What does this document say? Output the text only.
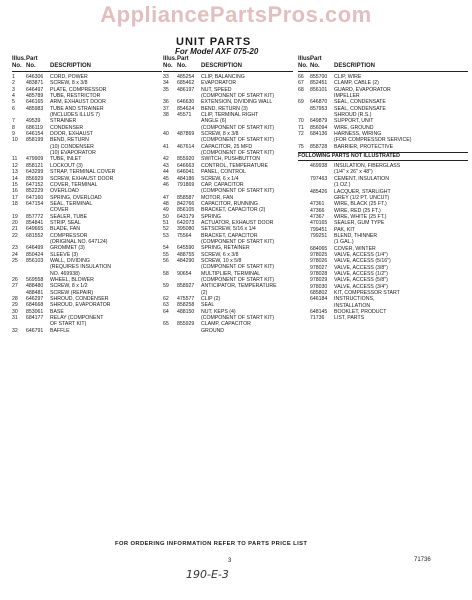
AppliancePartsPros.com
UNIT PARTS
For Model AXF 075-20
Illus. Part
No. No.	DESCRIPTION
1	646306	CORD, POWER
2	483871	SCREW, 8 x 3/8
3	646497	PLATE, COMPRESSOR
4	485789	TUBE, RESTRICTOR
5	646165	ARM, EXHAUST DOOR
6	485983	TUBE AND STRAINER
(INCLUDES ILLUS 7)
7	49539	STRAINER
8	686119	CONDENSER
9	646154	DOOR, EXHAUST
10	858199	BEND, RETURN
(10) CONDENSER
(10) EVAPORATOR
11	479909	TUBE, INLET
12	858121	LOCKOUT (3)
13	643299	STRAP, TERMINAL COVER
14	856929	SCREW, EXHAUST DOOR
15	647152	COVER, TERMINAL
16	852229	OVERLOAD
17	647160	SPRING, OVERLOAD
18	647154	SEAL, TERMINAL
COVER
19	857772	SEALER, TUBE
20	854841	STRIP, SEAL
21	649665	BLADE, FAN
22	681552	COMPRESSOR
(ORIGINAL NO. 647124)
23	646499	GROMMET (3)
24	850424	SLEEVE (3)
25	856103	WALL, DIVIDING
(REQUIRES INSULATION
NO. 469938)
26	569558	WHEEL, BLOWER
27	488480	SCREW, 8 x 1/2
488481	SCREW (REPAIR)
28	646297	SHROUD, CONDENSER
29	684668	SHROUD, EVAPORATOR
30	853061	BASE
31	684177	RELAY (COMPONENT
OF START KIT)
32	646791	BAFFLE
Illus. Part
No. No.	DESCRIPTION
33	485254	CLIP, BALANCING
34	685462	EVAPORATOR
35	486197	NUT, SPEED
(COMPONENT OF START KIT)
36	646630	EXTENSION, DIVIDING WALL
37	854624	BEND, RETURN (3)
38	45571	CLIP, TERMINAL RIGHT
ANGLE (6)
(COMPONENT OF START KIT)
40	487869	SCREW, 8 x 3/8
(COMPONENT OF START KIT)
41	467614	CAPACITOR, 25 MFD
(COMPONENT OF START KIT)
42	855920	SWITCH, PUSHBUTTON
43	646663	CONTROL, TEMPERATURE
44	646041	PANEL, CONTROL
45	484186	SCREW, 6 x 1/4
46	791869	CAP, CAPACITOR
(COMPONENT OF START KIT)
47	858587	MOTOR, FAN
48	842766	CAPACITOR, RUNNING
49	856105	BRACKET, CAPACITOR (2)
50	643179	SPRING
51	642073	ACTUATOR, EXHAUST DOOR
52	395080	SETSCREW, 5/16 x 1/4
53	75564	BRACKET, CAPACITOR
(COMPONENT OF START KIT)
54	645590	SPRING, RETAINER
55	488755	SCREW, 6 x 3/8
56	484290	SCREW, 10 x 5/8
(COMPONENT OF START KIT)
58	90654	MULTIPLIER, TERMINAL
(COMPONENT OF START KIT)
59	858927	ANTICIPATOR, TEMPERATURE
(2)
62	475577	CLIP (2)
63	858258	SEAL
64	488150	NUT, KEPS (4)
(COMPONENT OF START KIT)
65	855929	CLAMP, CAPACITOR
GROUND
Illus.
Part
No. No.	DESCRIPTION
66	855700	CLIP, WIRE
67	852451	CLAMP, CABLE (2)
68	856101	GUARD, EVAPORATOR
IMPELLER
69	646870	SEAL, CONDENSATE
857953	SEAL, CONDENSATE
SHROUD (R.S.)
70	649879	SUPPORT, UNIT
71	856094	WIRE, GROUND
72	684136	HARNESS, WIRING
(FOR COMPRESSOR SERVICE)
75	858728	BARRIER, PROTECTIVE
FOLLOWING PARTS NOT ILLUSTRATED
469938	INSULATION, FIBERGLASS
(1/4" x 26" x 48")
797463	CEMENT, INSULATION
(1 OZ.)
485426	LACQUER, STARLIGHT
GREY (1/2 PT. UNCUT)
47361	WIRE, BLACK (25 FT.)
47366	WIRE, RED (25 FT.)
47367	WIRE, WHITE (25 FT.)
470165	SEALER, GUM TYPE
799451	PAK, KIT
799251	BLEND, THINNER
(1 GAL.)
684065	COVER, WINTER
978025	VALVE, ACCESS (1/4")
978026	VALVE, ACCESS (5/16")
978027	VALVE, ACCESS (3/8")
978028	VALVE, ACCESS (1/2")
978029	VALVE, ACCESS (5/8")
978030	VALVE, ACCESS (3/4")
685802	KIT, COMPRESSOR START
646184	INSTRUCTIONS,
INSTALLATION
648145	BOOKLET, PRODUCT
71736	LIST, PARTS
FOR ORDERING INFORMATION REFER TO PARTS PRICE LIST
3	71736
190-E-3
